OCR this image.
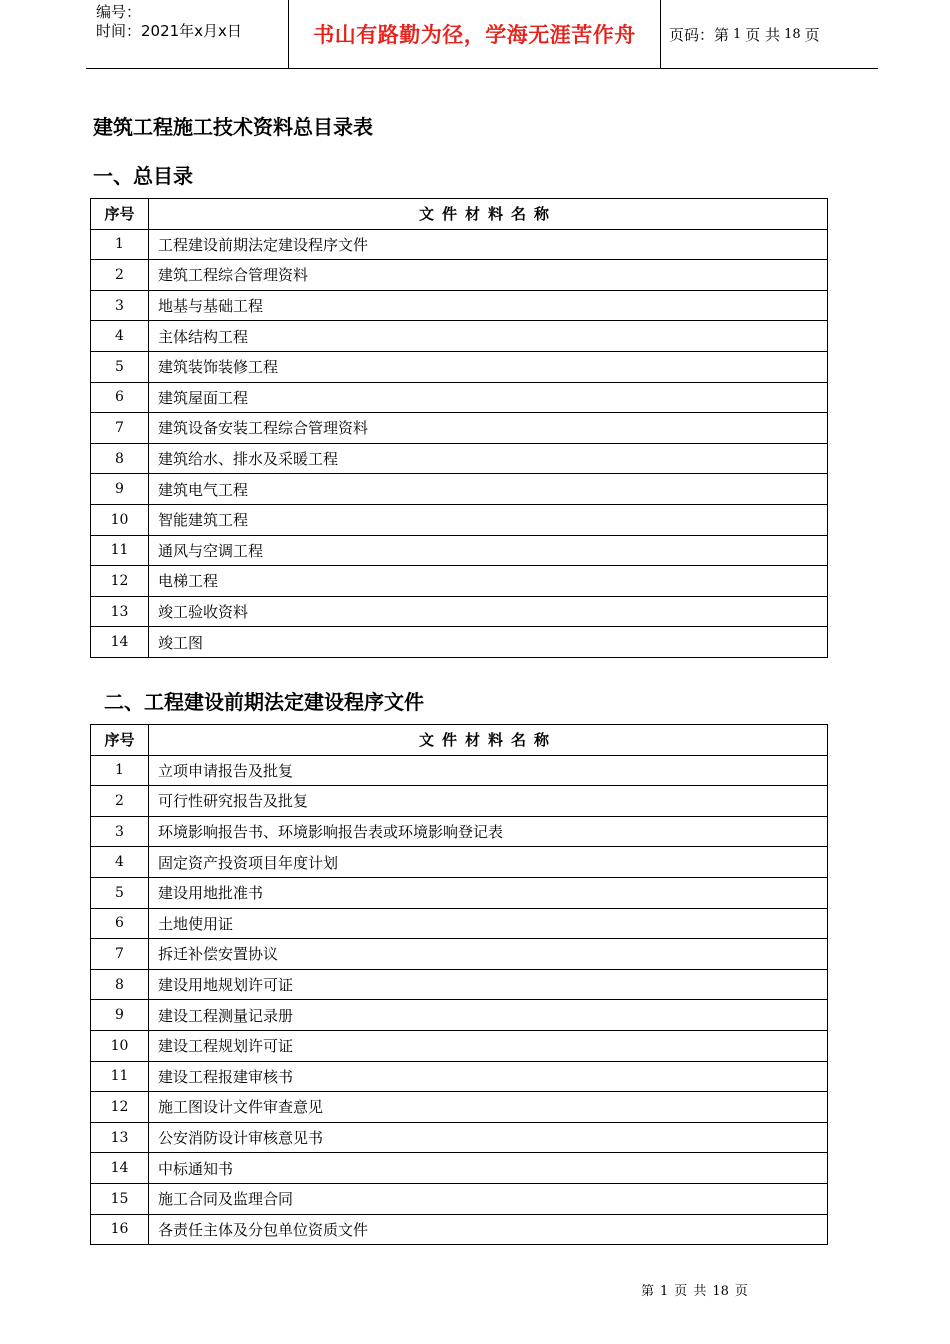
编号：
时间：2021年x月x日	书山有路勤为径，学海无涯苦作舟	页码：第 1 页 共 18 页
建筑工程施工技术资料总目录表
一、总目录
序号	文件材料名称
1	工程建设前期法定建设程序文件
2	建筑工程综合管理资料
3	地基与基础工程
4	主体结构工程
5	建筑装饰装修工程
6	建筑屋面工程
7	建筑设备安装工程综合管理资料
8	建筑给水、排水及采暖工程
9	建筑电气工程
10	智能建筑工程
11	通风与空调工程
12	电梯工程
13	竣工验收资料
14	竣工图
二、工程建设前期法定建设程序文件
序号	文件材料名称
1	立项申请报告及批复
2	可行性研究报告及批复
3	环境影响报告书、环境影响报告表或环境影响登记表
4	固定资产投资项目年度计划
5	建设用地批准书
6	土地使用证
7	拆迁补偿安置协议
8	建设用地规划许可证
9	建设工程测量记录册
10	建设工程规划许可证
11	建设工程报建审核书
12	施工图设计文件审查意见
13	公安消防设计审核意见书
14	中标通知书
15	施工合同及监理合同
16	各责任主体及分包单位资质文件
第 1 页 共 18 页
